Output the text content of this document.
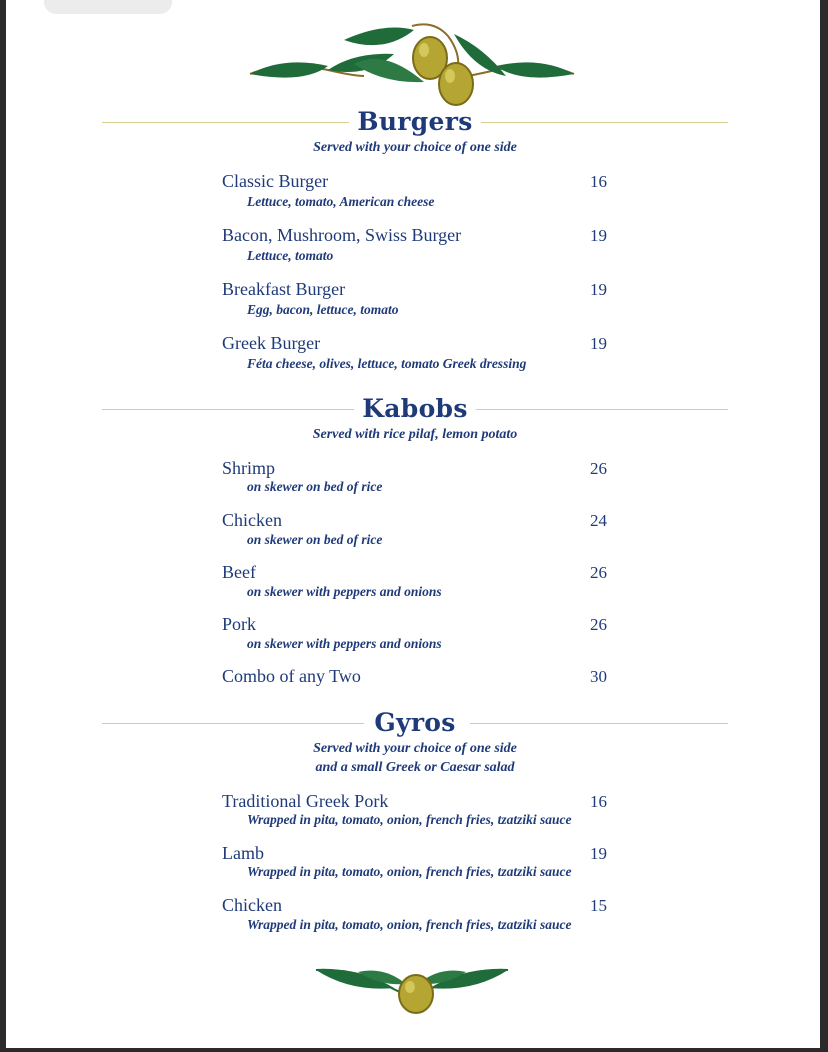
Burgers
Served with your choice of one side
Classic Burger	16
Lettuce, tomato, American cheese
Bacon, Mushroom, Swiss Burger	19
Lettuce, tomato
Breakfast Burger	19
Egg, bacon, lettuce, tomato
Greek Burger	19
Féta cheese, olives, lettuce, tomato Greek dressing
Kabobs
Served with rice pilaf, lemon potato
Shrimp	26
on skewer on bed of rice
Chicken	24
on skewer on bed of rice
Beef	26
on skewer with peppers and onions
Pork	26
on skewer with peppers and onions
Combo of any Two	30
Gyros
Served with your choice of one side
and a small Greek or Caesar salad
Traditional Greek Pork	16
Wrapped in pita, tomato, onion, french fries, tzatziki sauce
Lamb	19
Wrapped in pita, tomato, onion, french fries, tzatziki sauce
Chicken	15
Wrapped in pita, tomato, onion, french fries, tzatziki sauce
